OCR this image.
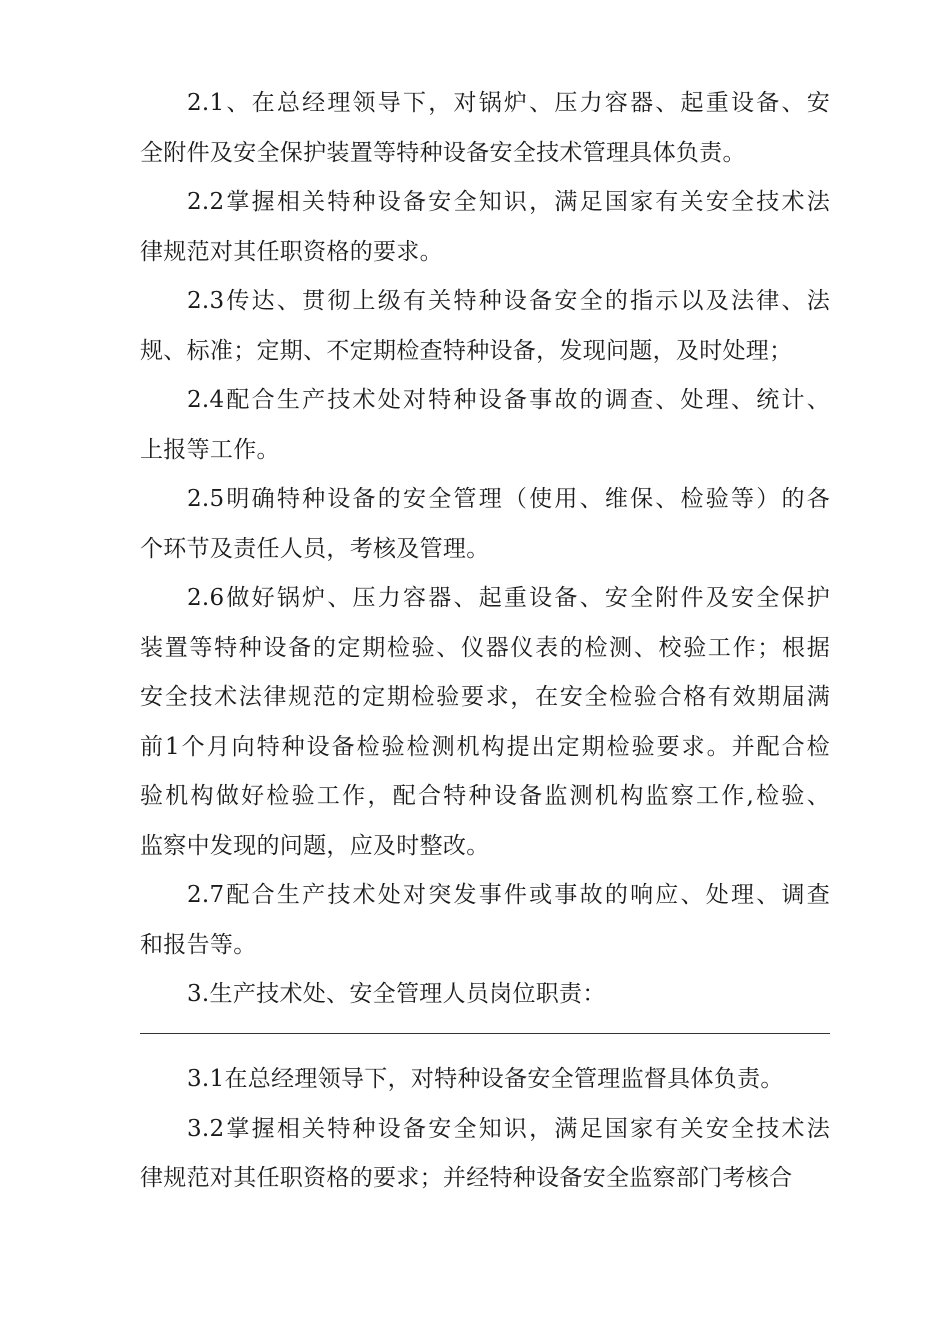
2.1、在总经理领导下，对锅炉、压力容器、起重设备、安
全附件及安全保护装置等特种设备安全技术管理具体负责。
2.2掌握相关特种设备安全知识，满足国家有关安全技术法
律规范对其任职资格的要求。
2.3传达、贯彻上级有关特种设备安全的指示以及法律、法
规、标准；定期、不定期检查特种设备，发现问题，及时处理；
2.4配合生产技术处对特种设备事故的调查、处理、统计、
上报等工作。
2.5明确特种设备的安全管理（使用、维保、检验等）的各
个环节及责任人员，考核及管理。
2.6做好锅炉、压力容器、起重设备、安全附件及安全保护
装置等特种设备的定期检验、仪器仪表的检测、校验工作；根据
安全技术法律规范的定期检验要求，在安全检验合格有效期届满
前1个月向特种设备检验检测机构提出定期检验要求。并配合检
验机构做好检验工作，配合特种设备监测机构监察工作,检验、
监察中发现的问题，应及时整改。
2.7配合生产技术处对突发事件或事故的响应、处理、调查
和报告等。
3.生产技术处、安全管理人员岗位职责：
3.1在总经理领导下，对特种设备安全管理监督具体负责。
3.2掌握相关特种设备安全知识，满足国家有关安全技术法
律规范对其任职资格的要求；并经特种设备安全监察部门考核合
